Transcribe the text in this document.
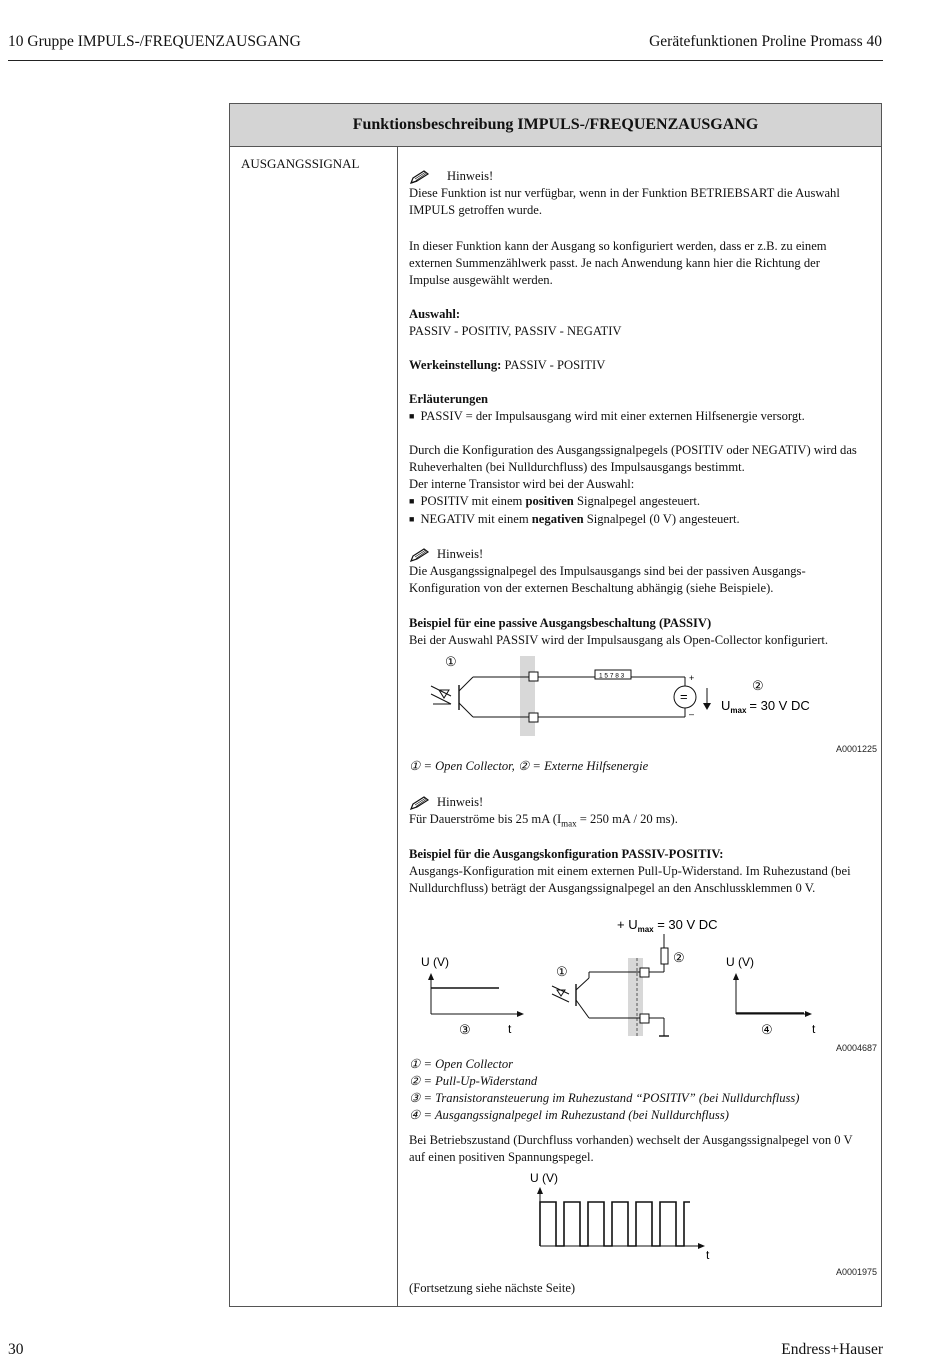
10 Gruppe IMPULS-/FREQUENZAUSGANG	Gerätefunktionen Proline Promass 40
Funktionsbeschreibung IMPULS-/FREQUENZAUSGANG
AUSGANGSSIGNAL
Hinweis!

Diese Funktion ist nur verfügbar, wenn in der Funktion BETRIEBSART die Auswahl

IMPULS getroffen wurde.

In dieser Funktion kann der Ausgang so konfiguriert werden, dass er z.B. zu einem

externen Summenzählwerk passt. Je nach Anwendung kann hier die Richtung der

Impulse ausgewählt werden.

Auswahl:

PASSIV - POSITIV, PASSIV - NEGATIV

Werkeinstellung: PASSIV - POSITIV

Erläuterungen

■ PASSIV = der Impulsausgang wird mit einer externen Hilfsenergie versorgt.

Durch die Konfiguration des Ausgangssignalpegels (POSITIV oder NEGATIV) wird das

Ruheverhalten (bei Nulldurchfluss) des Impulsausgangs bestimmt.

Der interne Transistor wird bei der Auswahl:

■ POSITIV mit einem positiven Signalpegel angesteuert.

■ NEGATIV mit einem negativen Signalpegel (0 V) angesteuert.

Hinweis!

Die Ausgangssignalpegel des Impulsausgangs sind bei der passiven Ausgangs-

Konfiguration von der externen Beschaltung abhängig (siehe Beispiele).

Beispiel für eine passive Ausgangsbeschaltung (PASSIV)

Bei der Auswahl PASSIV wird der Impulsausgang als Open-Collector konfiguriert.

①
1 5 7 8 3
=
+
–
②
$U_{max} = 30$ V DC
A0001225

① = Open Collector, ② = Externe Hilfsenergie

Hinweis!

Für Dauerströme bis 25 mA ($I_{max} = 250$ mA / 20 ms).

Beispiel für die Ausgangskonfiguration PASSIV-POSITIV:

Ausgangs-Konfiguration mit einem externen Pull-Up-Widerstand. Im Ruhezustand (bei

Nulldurchfluss) beträgt der Ausgangssignalpegel an den Anschlussklemmen 0 V.

+ $U_{max} = 30$ V DC
U (V)
③	t
②
①
U (V)
④	t
A0004687

① = Open Collector

② = Pull-Up-Widerstand

③ = Transistoransteuerung im Ruhezustand “POSITIV” (bei Nulldurchfluss)

④ = Ausgangssignalpegel im Ruhezustand (bei Nulldurchfluss)

Bei Betriebszustand (Durchfluss vorhanden) wechselt der Ausgangssignalpegel von 0 V

auf einen positiven Spannungspegel.

U (V)
t
A0001975

(Fortsetzung siehe nächste Seite)

30	Endress+Hauser
